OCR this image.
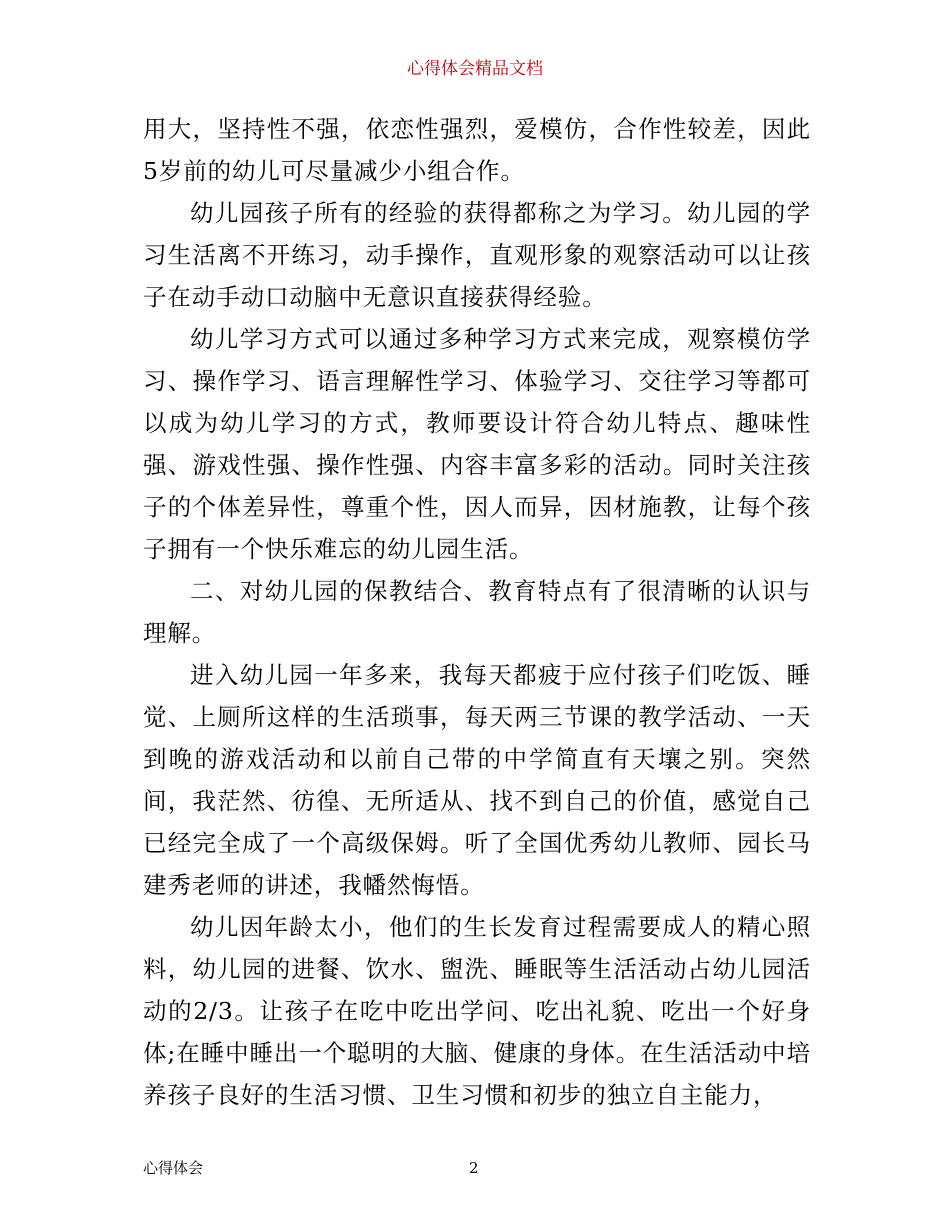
心得体会精品文档

用大，坚持性不强，依恋性强烈，爱模仿，合作性较差，因此5岁前的幼儿可尽量减少小组合作。

幼儿园孩子所有的经验的获得都称之为学习。幼儿园的学习生活离不开练习，动手操作，直观形象的观察活动可以让孩子在动手动口动脑中无意识直接获得经验。

幼儿学习方式可以通过多种学习方式来完成，观察模仿学习、操作学习、语言理解性学习、体验学习、交往学习等都可以成为幼儿学习的方式，教师要设计符合幼儿特点、趣味性强、游戏性强、操作性强、内容丰富多彩的活动。同时关注孩子的个体差异性，尊重个性，因人而异，因材施教，让每个孩子拥有一个快乐难忘的幼儿园生活。

二、对幼儿园的保教结合、教育特点有了很清晰的认识与理解。

进入幼儿园一年多来，我每天都疲于应付孩子们吃饭、睡觉、上厕所这样的生活琐事，每天两三节课的教学活动、一天到晚的游戏活动和以前自己带的中学简直有天壤之别。突然间，我茫然、彷徨、无所适从、找不到自己的价值，感觉自己已经完全成了一个高级保姆。听了全国优秀幼儿教师、园长马建秀老师的讲述，我幡然悔悟。

幼儿因年龄太小，他们的生长发育过程需要成人的精心照料，幼儿园的进餐、饮水、盥洗、睡眠等生活活动占幼儿园活动的2/3。让孩子在吃中吃出学问、吃出礼貌、吃出一个好身体;在睡中睡出一个聪明的大脑、健康的身体。在生活活动中培养孩子良好的生活习惯、卫生习惯和初步的独立自主能力，

心得体会	2
